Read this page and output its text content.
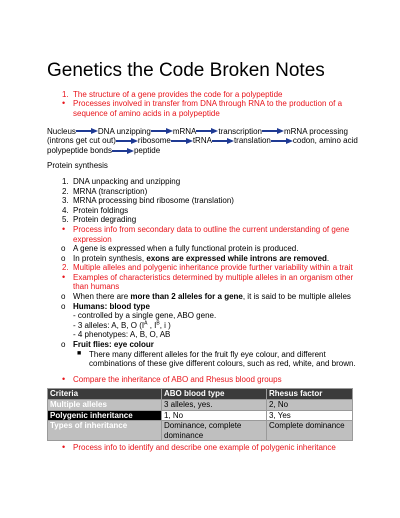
Genetics the Code Broken Notes
1. The structure of a gene provides the code for a polypeptide
• Processes involved in transfer from DNA through RNA to the production of a sequence of amino acids in a polypeptide
Nucleus	DNA unzipping	mRNA	transcription	mRNA processing (introns get cut out)	ribosome	tRNA	translation	codon, amino acid
polypeptide bonds	peptide
Protein synthesis
1. DNA unpacking and unzipping
2. MRNA (transcription)
3. MRNA processing bind ribosome (translation)
4. Protein foldings
5. Protein degrading
• Process info from secondary data to outline the current understanding of gene expression
o A gene is expressed when a fully functional protein is produced.
o In protein synthesis, exons are expressed while introns are removed.
2. Multiple alleles and polygenic inheritance provide further variability within a trait
• Examples of characteristics determined by multiple alleles in an organism other than humans
o When there are more than 2 alleles for a gene, it is said to be multiple alleles
o Humans: blood type
- controlled by a single gene, ABO gene.
- 3 alleles: A, B, O ($I^A$ , $I^B$, i )
- 4 phenotypes: A, B, O, AB
o Fruit flies: eye colour
■ There many different alleles for the fruit fly eye colour, and different combinations of these give different colours, such as red, white, and brown.
• Compare the inheritance of ABO and Rhesus blood groups
Criteria	ABO blood type	Rhesus factor
Multiple alleles	3 alleles, yes.	2, No
Polygenic inheritance	1, No	3, Yes
Types of inheritance	Dominance, complete dominance	Complete dominance
• Process info to identify and describe one example of polygenic inheritance
